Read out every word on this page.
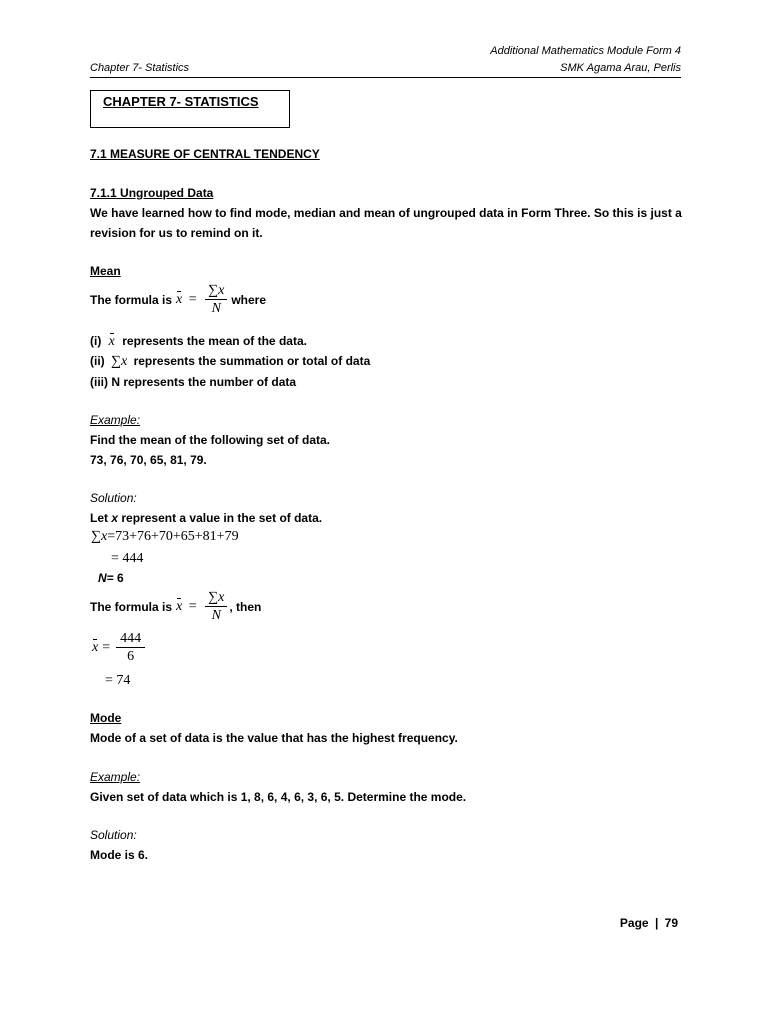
Additional Mathematics Module Form 4
Chapter 7- Statistics	SMK Agama Arau, Perlis
CHAPTER 7- STATISTICS
7.1 MEASURE OF CENTRAL TENDENCY
7.1.1 Ungrouped Data
We have learned how to find mode, median and mean of ungrouped data in Form Three. So this is just a
revision for us to remind on it.
Mean
The formula is $x = \frac{\sum x}{N}$ where
(i) x represents the mean of the data.
(ii) ∑x represents the summation or total of data
(iii) N represents the number of data
Example:
Find the mean of the following set of data.
73, 76, 70, 65, 81, 79.
Solution:
Let x represent a value in the set of data.
∑x=73+76+70+65+81+79
= 444
N= 6
The formula is $x = \frac{\sum x}{N}$ , then
$x = \frac{444}{6}$
= 74
Mode
Mode of a set of data is the value that has the highest frequency.
Example:
Given set of data which is 1, 8, 6, 4, 6, 3, 6, 5. Determine the mode.
Solution:
Mode is 6.
Page | 79
